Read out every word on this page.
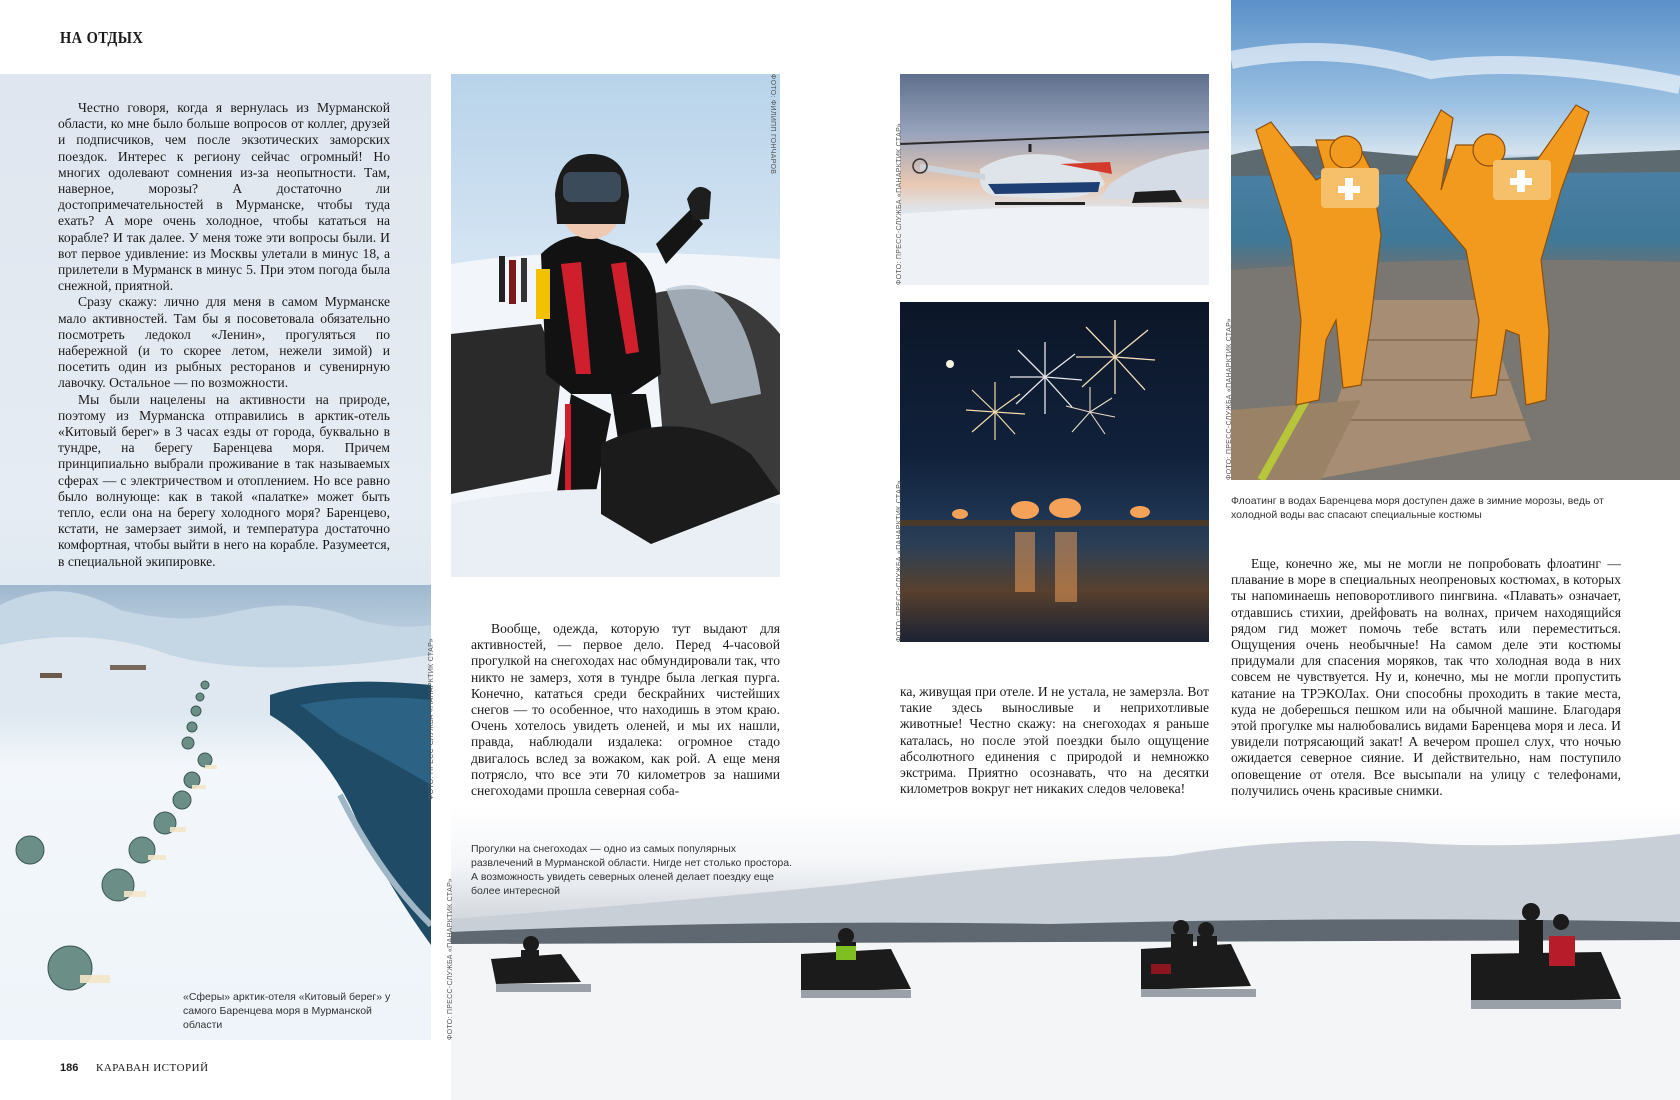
НА ОТДЫХ

Честно говоря, когда я вернулась из Мурманской области, ко мне было больше вопросов от коллег, друзей и подписчиков, чем после экзотических заморских поездок. Интерес к региону сейчас огромный! Но многих одолевают сомнения из-за неопытности. Там, наверное, морозы? А достаточно ли достопримечательностей в Мурманске, чтобы туда ехать? А море очень холодное, чтобы кататься на корабле? И так далее. У меня тоже эти вопросы были. И вот первое удивление: из Москвы улетали в минус 18, а прилетели в Мурманск в минус 5. При этом погода была снежной, приятной.

Сразу скажу: лично для меня в самом Мурманске мало активностей. Там бы я посоветовала обязательно посмотреть ледокол «Ленин», прогуляться по набережной (и то скорее летом, нежели зимой) и посетить один из рыбных ресторанов и сувенирную лавочку. Остальное — по возможности.

Мы были нацелены на активности на природе, поэтому из Мурманска отправились в арктик-отель «Китовый берег» в 3 часах езды от города, буквально в тундре, на берегу Баренцева моря. Причем принципиально выбрали проживание в так называемых сферах — с электричеством и отоплением. Но все равно было волнующе: как в такой «палатке» может быть тепло, если она на берегу холодного моря? Баренцево, кстати, не замерзает зимой, и температура достаточно комфортная, чтобы выйти в него на корабле. Разумеется, в специальной экипировке.

«Сферы» арктик-отеля «Китовый берег» у самого Баренцева моря в Мурманской области
ФОТО: ПРЕСС-СЛУЖБА «ПАНАРКТИК СТАР»
ФОТО: ФИЛИПП ГОНЧАРОВ

Вообще, одежда, которую тут выдают для активностей, — первое дело. Перед 4-часовой прогулкой на снегоходах нас обмундировали так, что никто не замерз, хотя в тундре была легкая пурга. Конечно, кататься среди бескрайних чистейших снегов — то особенное, что находишь в этом краю. Очень хотелось увидеть оленей, и мы их нашли, правда, наблюдали издалека: огромное стадо двигалось вслед за вожаком, как рой. А еще меня потрясло, что все эти 70 километров за нашими снегоходами прошла северная соба-

ФОТО: ПРЕСС-СЛУЖБА «ПАНАРКТИК СТАР»
ФОТО: ПРЕСС-СЛУЖБА «ПАНАРКТИК СТАР»

ка, живущая при отеле. И не устала, не замерзла. Вот такие здесь выносливые и неприхотливые животные! Честно скажу: на снегоходах я раньше каталась, но после этой поездки было ощущение абсолютного единения с природой и немножко экстрима. Приятно осознавать, что на десятки километров вокруг нет никаких следов человека!

ФОТО: ПРЕСС-СЛУЖБА «ПАНАРКТИК СТАР»
Флоатинг в водах Баренцева моря доступен даже в зимние морозы, ведь от холодной воды вас спасают специальные костюмы

Еще, конечно же, мы не могли не попробовать флоатинг — плавание в море в специальных неопреновых костюмах, в которых ты напоминаешь неповоротливого пингвина. «Плавать» означает, отдавшись стихии, дрейфовать на волнах, причем находящийся рядом гид может помочь тебе встать или переместиться. Ощущения очень необычные! На самом деле эти костюмы придумали для спасения моряков, так что холодная вода в них совсем не чувствуется. Ну и, конечно, мы не могли пропустить катание на ТРЭКОЛах. Они способны проходить в такие места, куда не доберешься пешком или на обычной машине. Благодаря этой прогулке мы налюбовались видами Баренцева моря и леса. И увидели потрясающий закат! А вечером прошел слух, что ночью ожидается северное сияние. И действительно, нам поступило оповещение от отеля. Все высыпали на улицу с телефонами, получились очень красивые снимки.

Прогулки на снегоходах — одно из самых популярных развлечений в Мурманской области. Нигде нет столько простора. А возможность увидеть северных оленей делает поездку еще более интересной
ФОТО: ПРЕСС-СЛУЖБА «ПАНАРКТИК СТАР»
186 КАРАВАН ИСТОРИЙ
